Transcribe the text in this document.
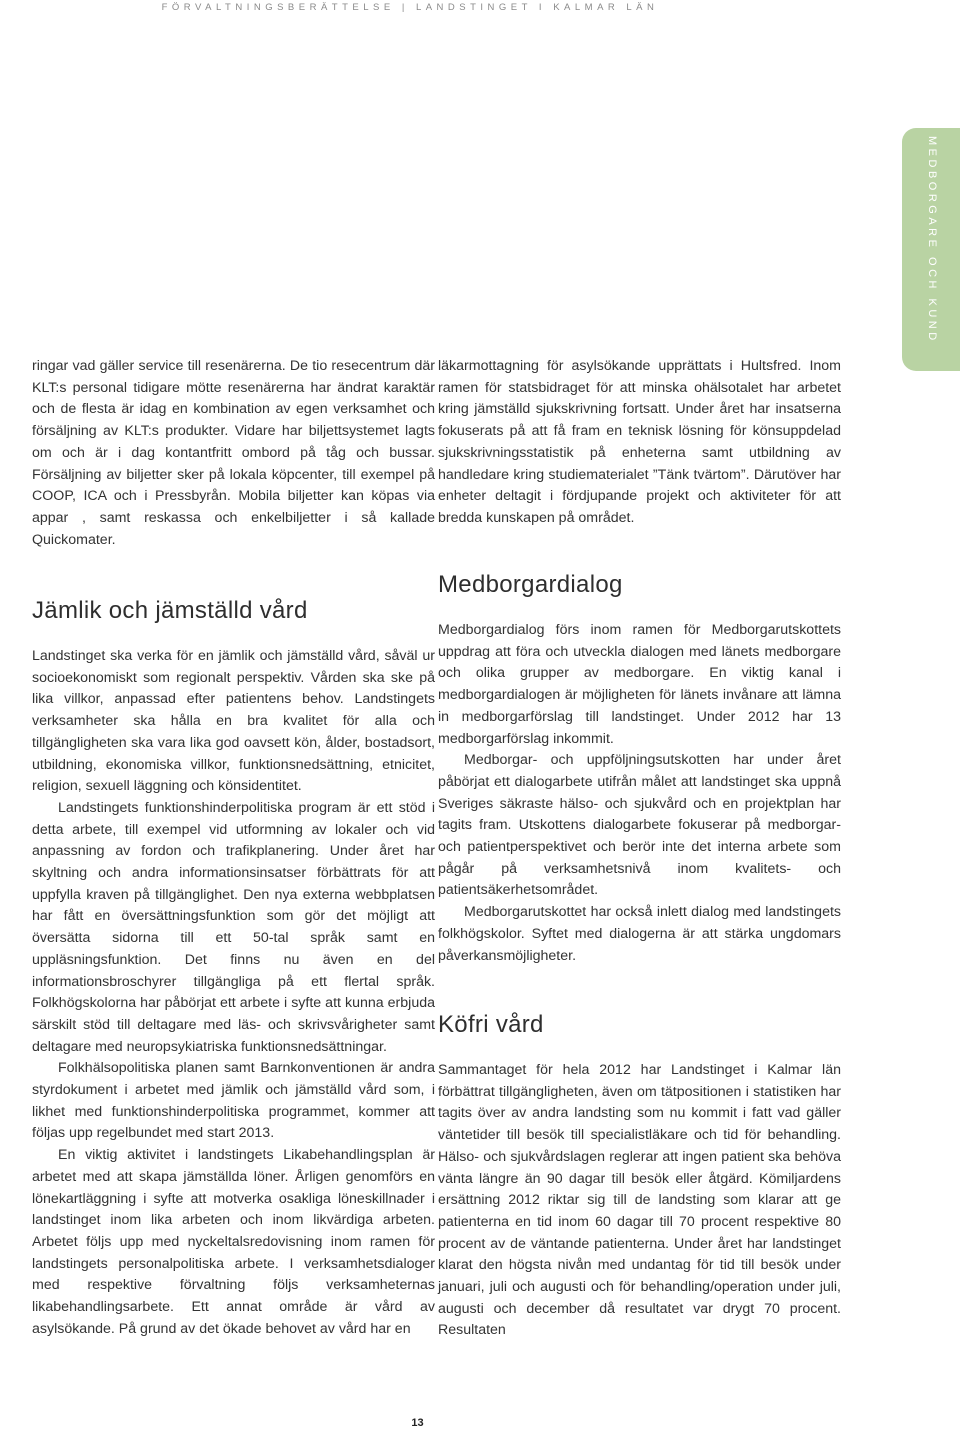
FÖRVALTNINGSBERÄTTELSE | LANDSTINGET I KALMAR LÄN
MEDBORGARE OCH KUND

ringar vad gäller service till resenärerna. De tio resecentrum där KLT:s personal tidigare mötte resenärerna har ändrat karaktär och de flesta är idag en kombination av egen verksamhet och försäljning av KLT:s produkter. Vidare har biljettsystemet lagts om och är i dag kontantfritt ombord på tåg och bussar. Försäljning av biljetter sker på lokala köpcenter, till exempel på COOP, ICA och i Pressbyrån. Mobila biljetter kan köpas via appar , samt reskassa och enkelbiljetter i så kallade Quickomater.

Jämlik och jämställd vård

Landstinget ska verka för en jämlik och jämställd vård, såväl ur socioekonomiskt som regionalt perspektiv. Vården ska ske på lika villkor, anpassad efter patientens behov. Landstingets verksamheter ska hålla en bra kvalitet för alla och tillgängligheten ska vara lika god oavsett kön, ålder, bostadsort, utbildning, ekonomiska villkor, funktionsnedsättning, etnicitet, religion, sexuell läggning och könsidentitet.

Landstingets funktionshinderpolitiska program är ett stöd i detta arbete, till exempel vid utformning av lokaler och vid anpassning av fordon och trafikplanering. Under året har skyltning och andra informationsinsatser förbättrats för att uppfylla kraven på tillgänglighet. Den nya externa webbplatsen har fått en översättningsfunktion som gör det möjligt att översätta sidorna till ett 50-tal språk samt en uppläsningsfunktion. Det finns nu även en del informationsbroschyrer tillgängliga på ett flertal språk. Folkhögskolorna har påbörjat ett arbete i syfte att kunna erbjuda särskilt stöd till deltagare med läs- och skrivsvårigheter samt deltagare med neuropsykiatriska funktionsnedsättningar.

Folkhälsopolitiska planen samt Barnkonventionen är andra styrdokument i arbetet med jämlik och jämställd vård som, i likhet med funktionshinderpolitiska programmet, kommer att följas upp regelbundet med start 2013.

En viktig aktivitet i landstingets Likabehandlingsplan är arbetet med att skapa jämställda löner. Årligen genomförs en lönekartläggning i syfte att motverka osakliga löneskillnader i landstinget inom lika arbeten och inom likvärdiga arbeten. Arbetet följs upp med nyckeltalsredovisning inom ramen för landstingets personalpolitiska arbete. I verksamhetsdialoger med respektive förvaltning följs verksamheternas likabehandlingsarbete. Ett annat område är vård av asylsökande. På grund av det ökade behovet av vård har en

läkarmottagning för asylsökande upprättats i Hultsfred. Inom ramen för statsbidraget för att minska ohälsotalet har arbetet kring jämställd sjukskrivning fortsatt. Under året har insatserna fokuserats på att få fram en teknisk lösning för könsuppdelad sjukskrivningsstatistik på enheterna samt utbildning av handledare kring studiematerialet ”Tänk tvärtom”. Därutöver har enheter deltagit i fördjupande projekt och aktiviteter för att bredda kunskapen på området.

Medborgardialog

Medborgardialog förs inom ramen för Medborgarutskottets uppdrag att föra och utveckla dialogen med länets medborgare och olika grupper av medborgare. En viktig kanal i medborgardialogen är möjligheten för länets invånare att lämna in medborgarförslag till landstinget. Under 2012 har 13 medborgarförslag inkommit.

Medborgar- och uppföljningsutskotten har under året påbörjat ett dialogarbete utifrån målet att landstinget ska uppnå Sveriges säkraste hälso- och sjukvård och en projektplan har tagits fram. Utskottens dialogarbete fokuserar på medborgar- och patientperspektivet och berör inte det interna arbete som pågår på verksamhetsnivå inom kvalitets- och patientsäkerhetsområdet.

Medborgarutskottet har också inlett dialog med landstingets folkhögskolor. Syftet med dialogerna är att stärka ungdomars påverkansmöjligheter.

Köfri vård

Sammantaget för hela 2012 har Landstinget i Kalmar län förbättrat tillgängligheten, även om tätpositionen i statistiken har tagits över av andra landsting som nu kommit i fatt vad gäller väntetider till besök till specialistläkare och tid för behandling. Hälso- och sjukvårdslagen reglerar att ingen patient ska behöva vänta längre än 90 dagar till besök eller åtgärd. Kömiljardens ersättning 2012 riktar sig till de landsting som klarar att ge patienterna en tid inom 60 dagar till 70 procent respektive 80 procent av de väntande patienterna. Under året har landstinget klarat den högsta nivån med undantag för tid till besök under januari, juli och augusti och för behandling/operation under juli, augusti och december då resultatet var drygt 70 procent. Resultaten

13
